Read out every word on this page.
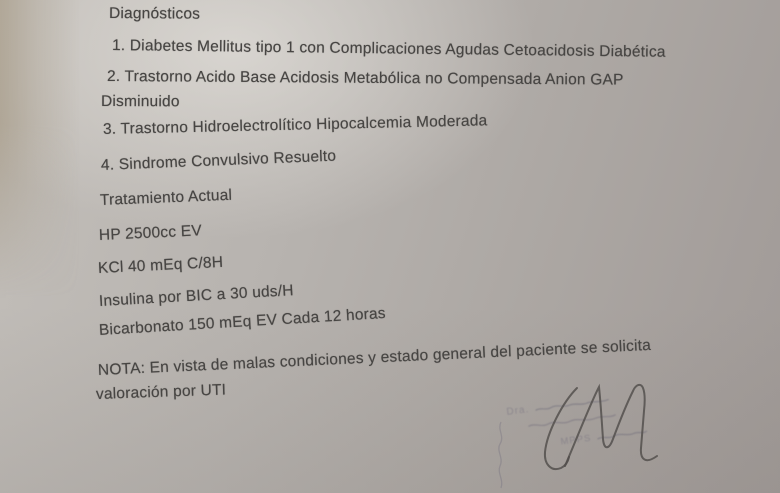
Diagnósticos
1. Diabetes Mellitus tipo 1 con Complicaciones Agudas Cetoacidosis Diabética
2. Trastorno Acido Base Acidosis Metabólica no Compensada Anion GAP
Disminuido
3. Trastorno Hidroelectrolítico Hipocalcemia Moderada
4. Sindrome Convulsivo Resuelto
Tratamiento Actual
HP 2500cc EV
KCl 40 mEq C/8H
Insulina por BIC a 30 uds/H
Bicarbonato 150 mEq EV Cada 12 horas
NOTA: En vista de malas condiciones y estado general del paciente se solicita
valoración por UTI
Dra.
MPPS
